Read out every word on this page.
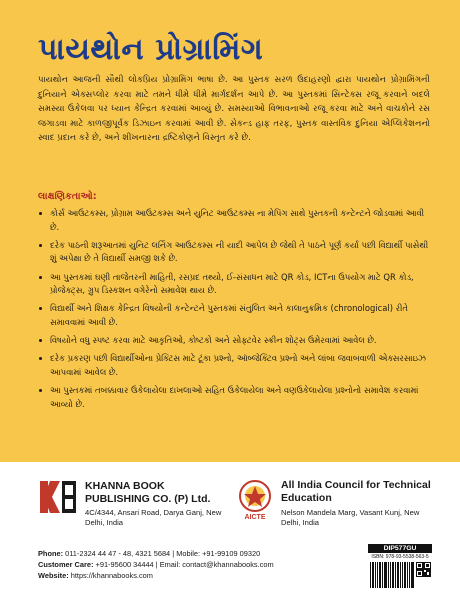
પાયથોન પ્રોગ્રામિંગ

પાયથોન આજની સૌથી લોકપ્રિય પ્રોગ્રામિંગ ભાષા છે. આ પુસ્તક સરળ ઉદાહરણો દ્વારા પાયથોન પ્રોગ્રામિંગની દુનિયાને એક્સપ્લોર કરવા માટે તમને ધીમે ધીમે માર્ગદર્શન આપે છે. આ પુસ્તકમાં સિન્ટેક્સ રજૂ કરવાને બદલે સમસ્યા ઉકેલવા પર ધ્યાન કેન્દ્રિત કરવામાં આવ્યું છે. સમસ્યાઓ વિભાવનાઓ રજૂ કરવા માટે અને વાચકોને રસ જગાડવા માટે કાળજીપૂર્વક ડિઝાઇન કરવામાં આવી છે. સેકન્ડ હાફ તરફ, પુસ્તક વાસ્તવિક દુનિયા એપ્લિકેશનનો સ્વાદ પ્રદાન કરે છે, અને શીખનારના દ્રષ્ટિકોણને વિસ્તૃત કરે છે.

લાક્ષણિકતાઓ:
કોર્સ આઉટકમ્સ, પ્રોગ્રામ આઉટકમ્સ અને યુનિટ આઉટકમ્સ ના મેપિંગ સાથે પુસ્તકની કન્ટેન્ટને જોડવામાં આવી છે.
દરેક પાઠની શરૂઆતમાં યુનિટ લર્નિંગ આઉટકમ્સ ની યાદી આપેલ છે જેથી તે પાઠને પૂર્ણ કર્યા પછી વિદ્યાર્થી પાસેથી શું અપેક્ષા છે તે વિદ્યાર્થી સમજી શકે છે.
આ પુસ્તકમાં ઘણી તાજેતરની માહિતી, રસપ્રદ તથ્યો, ઈ-સંસાધન માટે QR કોડ, ICTના ઉપયોગ માટે QR કોડ, પ્રોજેક્ટ્સ, ગ્રુપ ડિસ્કશન વગેરેનો સમાવેશ થાય છે.
વિદ્યાર્થી અને શિક્ષક કેન્દ્રિત વિષયોની કન્ટેન્ટને પુસ્તકમાં સંતુલિત અને કાલાનુક્રમિક (chronological) રીતે સમાવવામાં આવી છે.
વિષયોને વધુ સ્પષ્ટ કરવા માટે આકૃતિઓ, કોષ્ટકો અને સોફ્ટવેર સ્ક્રીન શોટ્સ ઉમેરવામાં આવેલ છે.
દરેક પ્રકરણ પછી વિદ્યાર્થીઓના પ્રેક્ટિસ માટે ટૂંકા પ્રશ્નો, ઑબ્જેક્ટિવ પ્રશ્નો અને લાંબા જવાબવાળી એક્સરસાઇઝ આપવામાં આવેલ છે.
આ પુસ્તકમાં તબક્કાવાર ઉકેલાયેલા દાખલાઓ સહિત ઉકેલાયેલા અને વણઉકેલાયેલા પ્રશ્નોનો સમાવેશ કરવામાં આવ્યો છે.
KHANNA BOOK PUBLISHING CO. (P) Ltd.
4C/4344, Ansari Road, Darya Ganj, New Delhi, India
AICTE
All India Council for Technical Education
Nelson Mandela Marg, Vasant Kunj, New Delhi, India
Phone: 011-2324 44 47 - 48, 4321 5684 | Mobile: +91-99109 09320
Customer Care: +91-95600 34444 | Email: contact@khannabooks.com
Website: https://khannabooks.com
DIP577GU
ISBN: 978-93-5538-563-5
